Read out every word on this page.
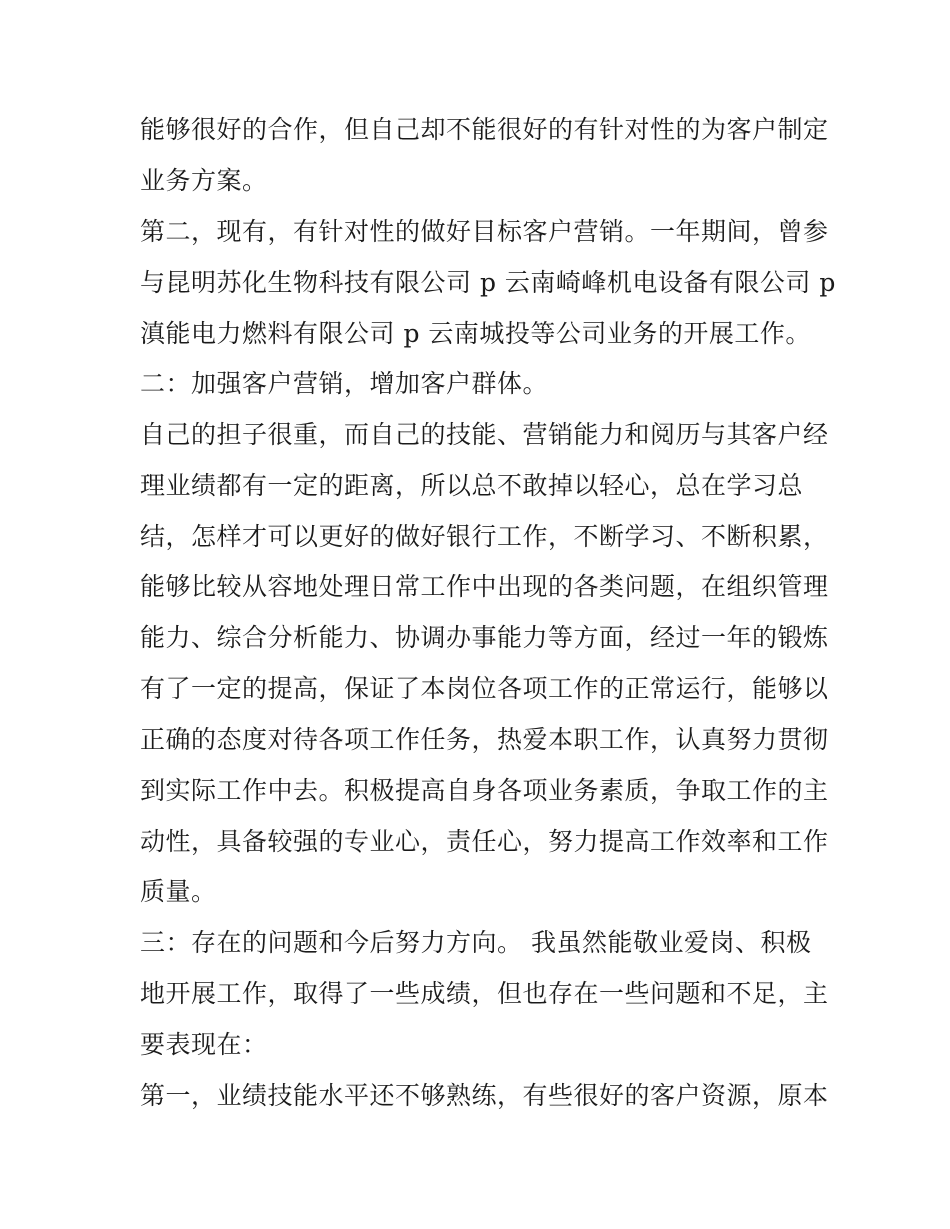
能够很好的合作，但自己却不能很好的有针对性的为客户制定
业务方案。
第二，现有，有针对性的做好目标客户营销。一年期间，曾参
与昆明苏化生物科技有限公司 p 云南崎峰机电设备有限公司 p
滇能电力燃料有限公司 p 云南城投等公司业务的开展工作。
二：加强客户营销，增加客户群体。
自己的担子很重，而自己的技能、营销能力和阅历与其客户经
理业绩都有一定的距离，所以总不敢掉以轻心，总在学习总
结，怎样才可以更好的做好银行工作，不断学习、不断积累，
能够比较从容地处理日常工作中出现的各类问题，在组织管理
能力、综合分析能力、协调办事能力等方面，经过一年的锻炼
有了一定的提高，保证了本岗位各项工作的正常运行，能够以
正确的态度对待各项工作任务，热爱本职工作，认真努力贯彻
到实际工作中去。积极提高自身各项业务素质，争取工作的主
动性，具备较强的专业心，责任心，努力提高工作效率和工作
质量。
三：存在的问题和今后努力方向。 我虽然能敬业爱岗、积极
地开展工作，取得了一些成绩，但也存在一些问题和不足，主
要表现在：
第一，业绩技能水平还不够熟练，有些很好的客户资源，原本
